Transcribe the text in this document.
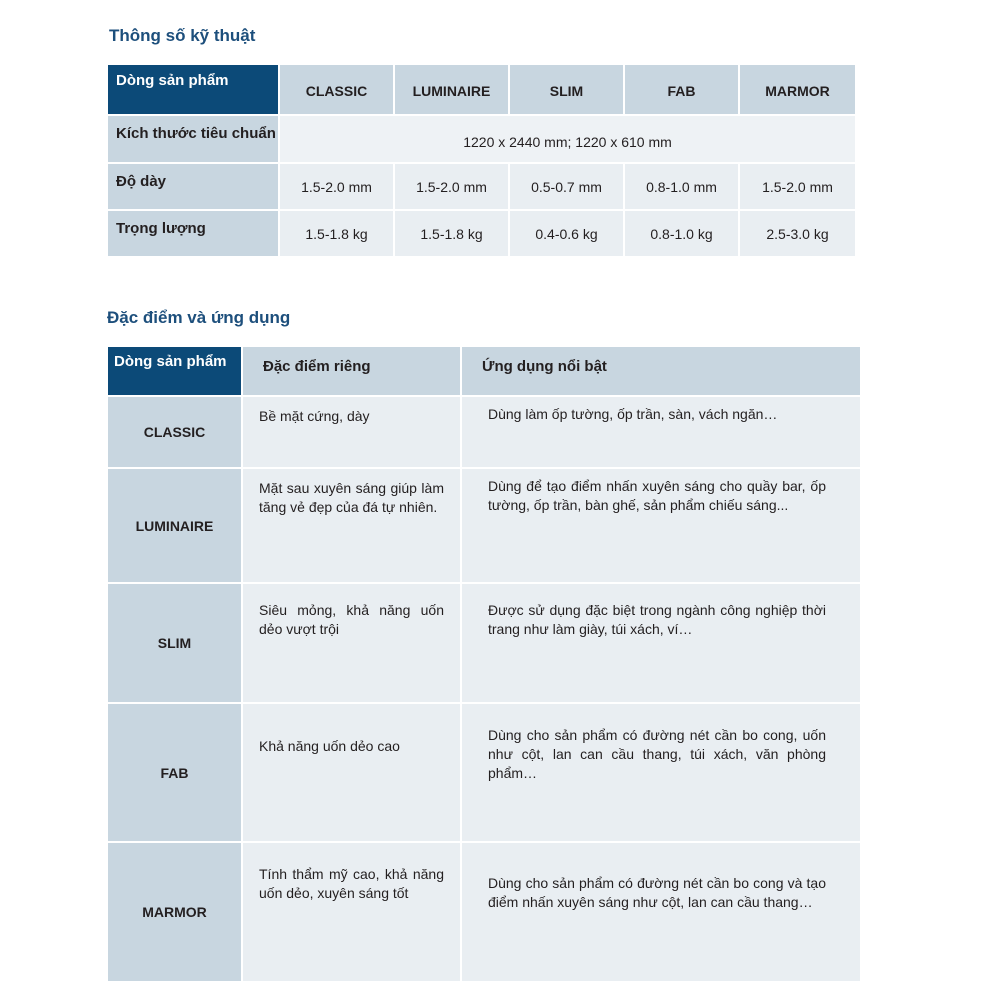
Thông số kỹ thuật
Dòng sản phẩm	CLASSIC	LUMINAIRE	SLIM	FAB	MARMOR
Kích thước tiêu chuẩn	1220 x 2440 mm; 1220 x 610 mm				
Độ dày	1.5-2.0 mm	1.5-2.0 mm	0.5-0.7 mm	0.8-1.0 mm	1.5-2.0 mm
Trọng lượng	1.5-1.8 kg	1.5-1.8 kg	0.4-0.6 kg	0.8-1.0 kg	2.5-3.0 kg
Đặc điểm và ứng dụng
Dòng sản phẩm	Đặc điểm riêng	Ứng dụng nổi bật
CLASSIC	Bề mặt cứng, dày	Dùng làm ốp tường, ốp trần, sàn, vách ngăn…
LUMINAIRE	Mặt sau xuyên sáng giúp làm tăng vẻ đẹp của đá tự nhiên.	Dùng để tạo điểm nhấn xuyên sáng cho quầy bar, ốp tường, ốp trần, bàn ghế, sản phẩm chiếu sáng...
SLIM	Siêu mỏng, khả năng uốn dẻo vượt trội	Được sử dụng đặc biệt trong ngành công nghiệp thời trang như làm giày, túi xách, ví…
FAB	Khả năng uốn dẻo cao	Dùng cho sản phẩm có đường nét cần bo cong, uốn như cột, lan can cầu thang, túi xách, văn phòng phẩm…
MARMOR	Tính thẩm mỹ cao, khả năng uốn dẻo, xuyên sáng tốt	Dùng cho sản phẩm có đường nét cần bo cong và tạo điểm nhấn xuyên sáng như cột, lan can cầu thang…
